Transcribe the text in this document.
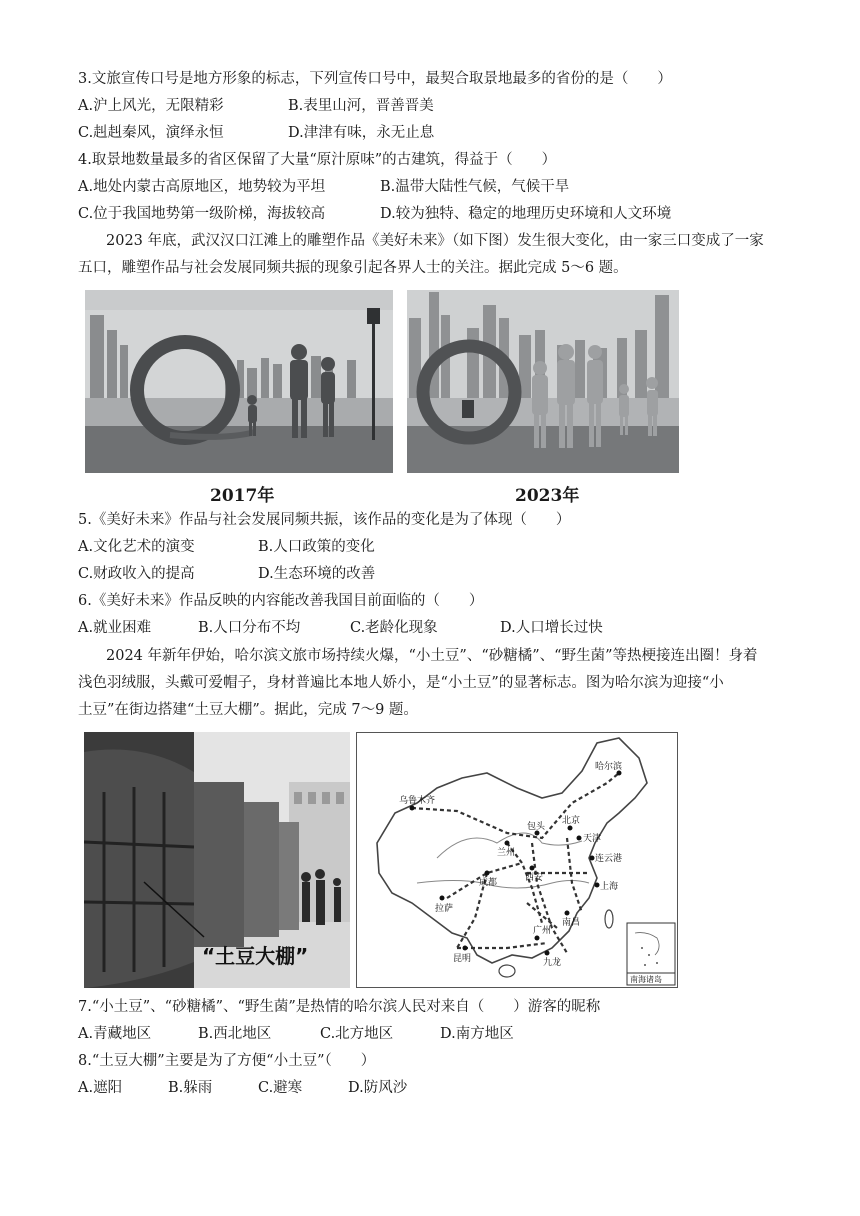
3.文旅宣传口号是地方形象的标志，下列宣传口号中，最契合取景地最多的省份的是（　　）
A.沪上风光，无限精彩	B.表里山河，晋善晋美
C.赳赳秦风，演绎永恒	D.津津有味，永无止息
4.取景地数量最多的省区保留了大量“原汁原味”的古建筑，得益于（　　）
A.地处内蒙古高原地区，地势较为平坦	B.温带大陆性气候，气候干旱
C.位于我国地势第一级阶梯，海拔较高	D.较为独特、稳定的地理历史环境和人文环境
2023 年底，武汉汉口江滩上的雕塑作品《美好未来》（如下图）发生很大变化，由一家三口变成了一家
五口，雕塑作品与社会发展同频共振的现象引起各界人士的关注。据此完成 5～6 题。
2017年	2023年
5.《美好未来》作品与社会发展同频共振，该作品的变化是为了体现（　　）
A.文化艺术的演变	B.人口政策的变化
C.财政收入的提高	D.生态环境的改善
6.《美好未来》作品反映的内容能改善我国目前面临的（　　）
A.就业困难	B.人口分布不均	C.老龄化现象	D.人口增长过快
2024 年新年伊始，哈尔滨文旅市场持续火爆，“小土豆”、“砂糖橘”、“野生菌”等热梗接连出圈！身着
浅色羽绒服，头戴可爱帽子，身材普遍比本地人娇小，是“小土豆”的显著标志。图为哈尔滨为迎接“小
土豆”在街边搭建“土豆大棚”。据此，完成 7～9 题。
“土豆大棚”
哈尔滨
乌鲁木齐
北京
包头
天津
兰州
连云港
西安
拉萨
成都	上海
南昌
昆明
广州
九龙
南海诸岛
7.“小土豆”、“砂糖橘”、“野生菌”是热情的哈尔滨人民对来自（　　）游客的昵称
A.青藏地区	B.西北地区	C.北方地区	D.南方地区
8.“土豆大棚”主要是为了方便“小土豆”（　　）
A.遮阳	B.躲雨	C.避寒	D.防风沙
